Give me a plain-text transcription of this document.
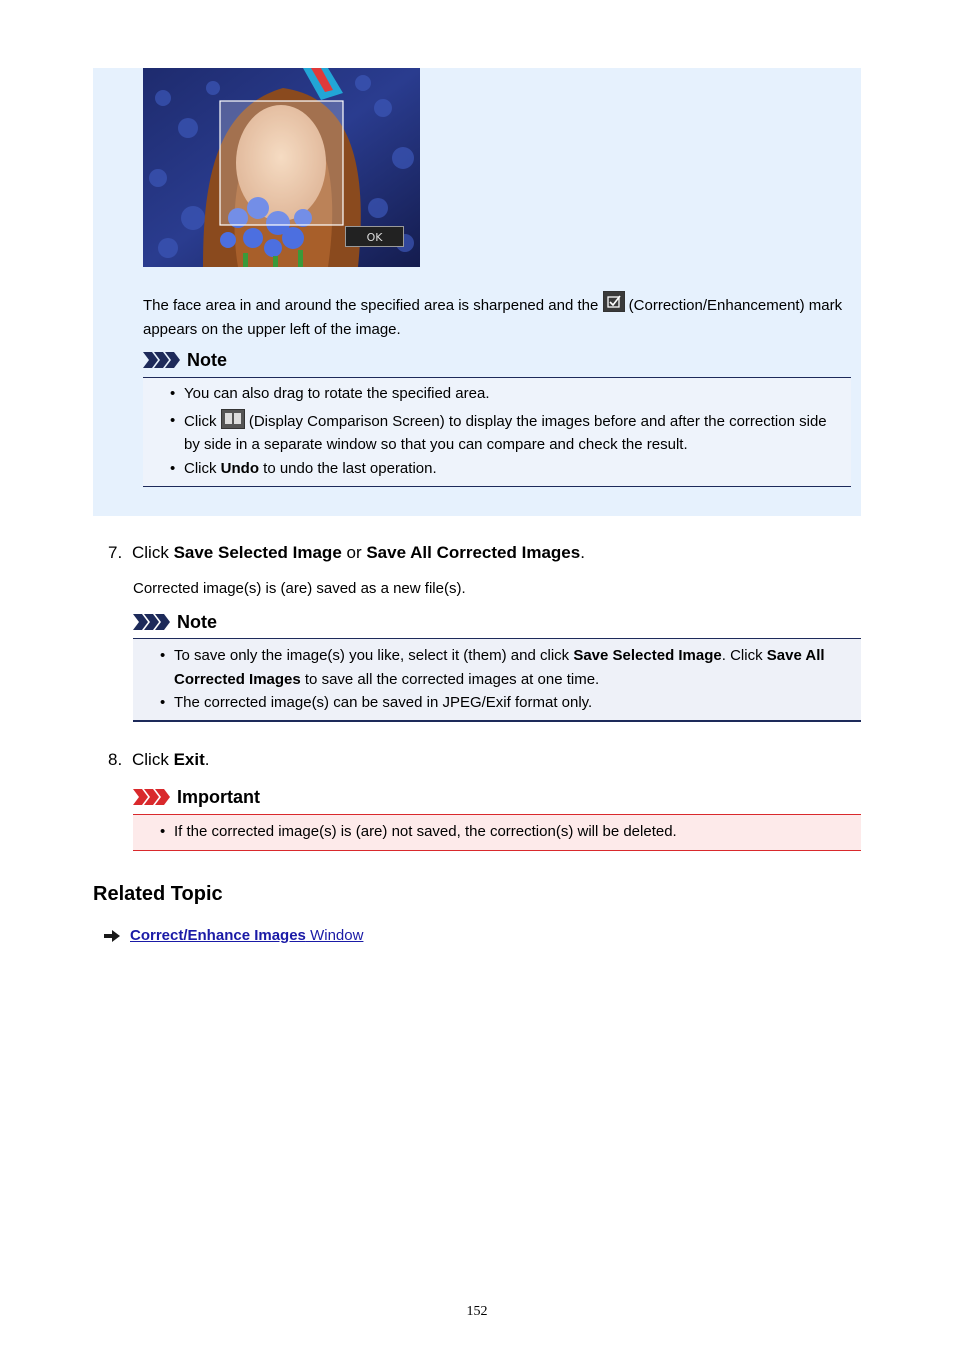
OK
The face area in and around the specified area is sharpened and the
(Correction/Enhancement) mark appears on the upper left of the image.
Note
• You can also drag to rotate the specified area.
• Click
(Display Comparison Screen) to display the images before and after the correction side by side in a separate window so that you can compare and check the result.
• Click Undo to undo the last operation.
7. Click Save Selected Image or Save All Corrected Images.
Corrected image(s) is (are) saved as a new file(s).
Note
• To save only the image(s) you like, select it (them) and click Save Selected Image. Click Save All Corrected Images to save all the corrected images at one time.
• The corrected image(s) can be saved in JPEG/Exif format only.
8. Click Exit.
Important
• If the corrected image(s) is (are) not saved, the correction(s) will be deleted.
Related Topic
Correct/Enhance Images Window
152
